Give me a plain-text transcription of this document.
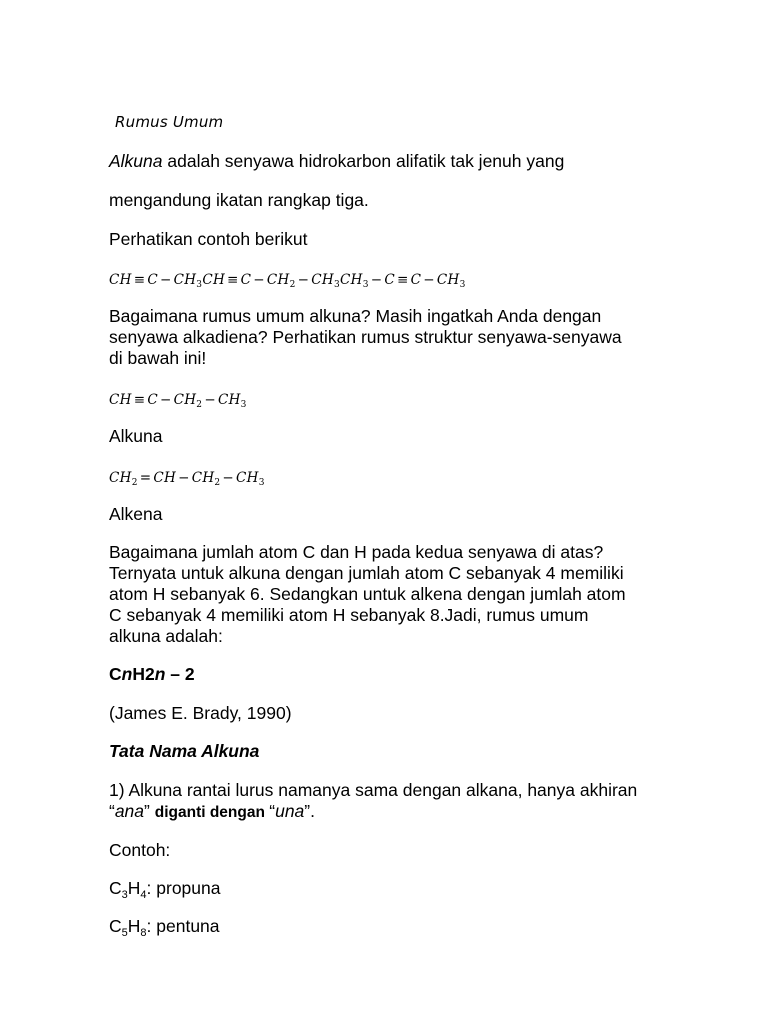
Rumus Umum

Alkuna adalah senyawa hidrokarbon alifatik tak jenuh yang

mengandung ikatan rangkap tiga.

Perhatikan contoh berikut

CH ≡ $C - CH_3CH \equiv C - CH_2 - CH_3CH_3 - C \equiv C - CH_3$

Bagaimana rumus umum alkuna? Masih ingatkah Anda dengan

senyawa alkadiena? Perhatikan rumus struktur senyawa-senyawa

di bawah ini!

CH ≡ $C - CH_2 - CH_3$

Alkuna

$CH_2$ = CH − $CH_2 - CH_3$

Alkena

Bagaimana jumlah atom C dan H pada kedua senyawa di atas?

Ternyata untuk alkuna dengan jumlah atom C sebanyak 4 memiliki

atom H sebanyak 6. Sedangkan untuk alkena dengan jumlah atom

C sebanyak 4 memiliki atom H sebanyak 8.Jadi, rumus umum

alkuna adalah:

CnH2n – 2

(James E. Brady, 1990)

Tata Nama Alkuna

1) Alkuna rantai lurus namanya sama dengan alkana, hanya akhiran

“ana” diganti dengan “una”.

Contoh:

$C_3H_4$: propuna

$C_5H_8$: pentuna
